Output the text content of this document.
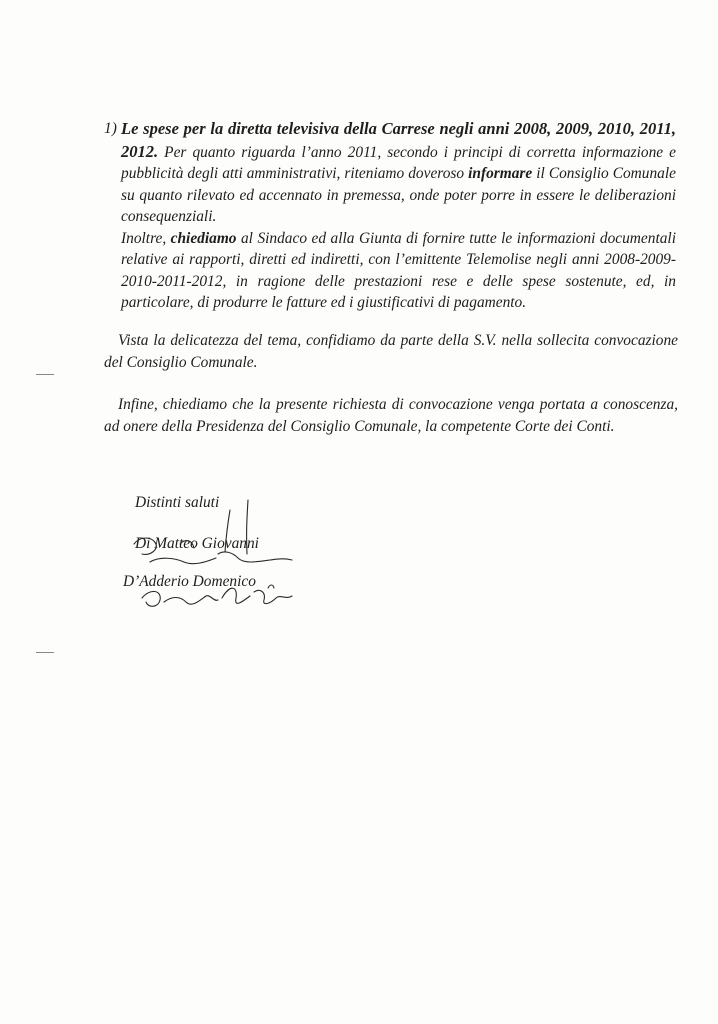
1) Le spese per la diretta televisiva della Carrese negli anni 2008, 2009, 2010, 2011, 2012. Per quanto riguarda l’anno 2011, secondo i principi di corretta informazione e pubblicità degli atti amministrativi, riteniamo doveroso informare il Consiglio Comunale su quanto rilevato ed accennato in premessa, onde poter porre in essere le deliberazioni consequenziali.

Inoltre, chiediamo al Sindaco ed alla Giunta di fornire tutte le informazioni documentali relative ai rapporti, diretti ed indiretti, con l’emittente Telemolise negli anni 2008-2009-2010-2011-2012, in ragione delle prestazioni rese e delle spese sostenute, ed, in particolare, di produrre le fatture ed i giustificativi di pagamento.

Vista la delicatezza del tema, confidiamo da parte della S.V. nella sollecita convocazione del Consiglio Comunale.

Infine, chiediamo che la presente richiesta di convocazione venga portata a conoscenza, ad onere della Presidenza del Consiglio Comunale, la competente Corte dei Conti.

Distinti saluti

Di Matteo Giovanni

D’Adderio Domenico
